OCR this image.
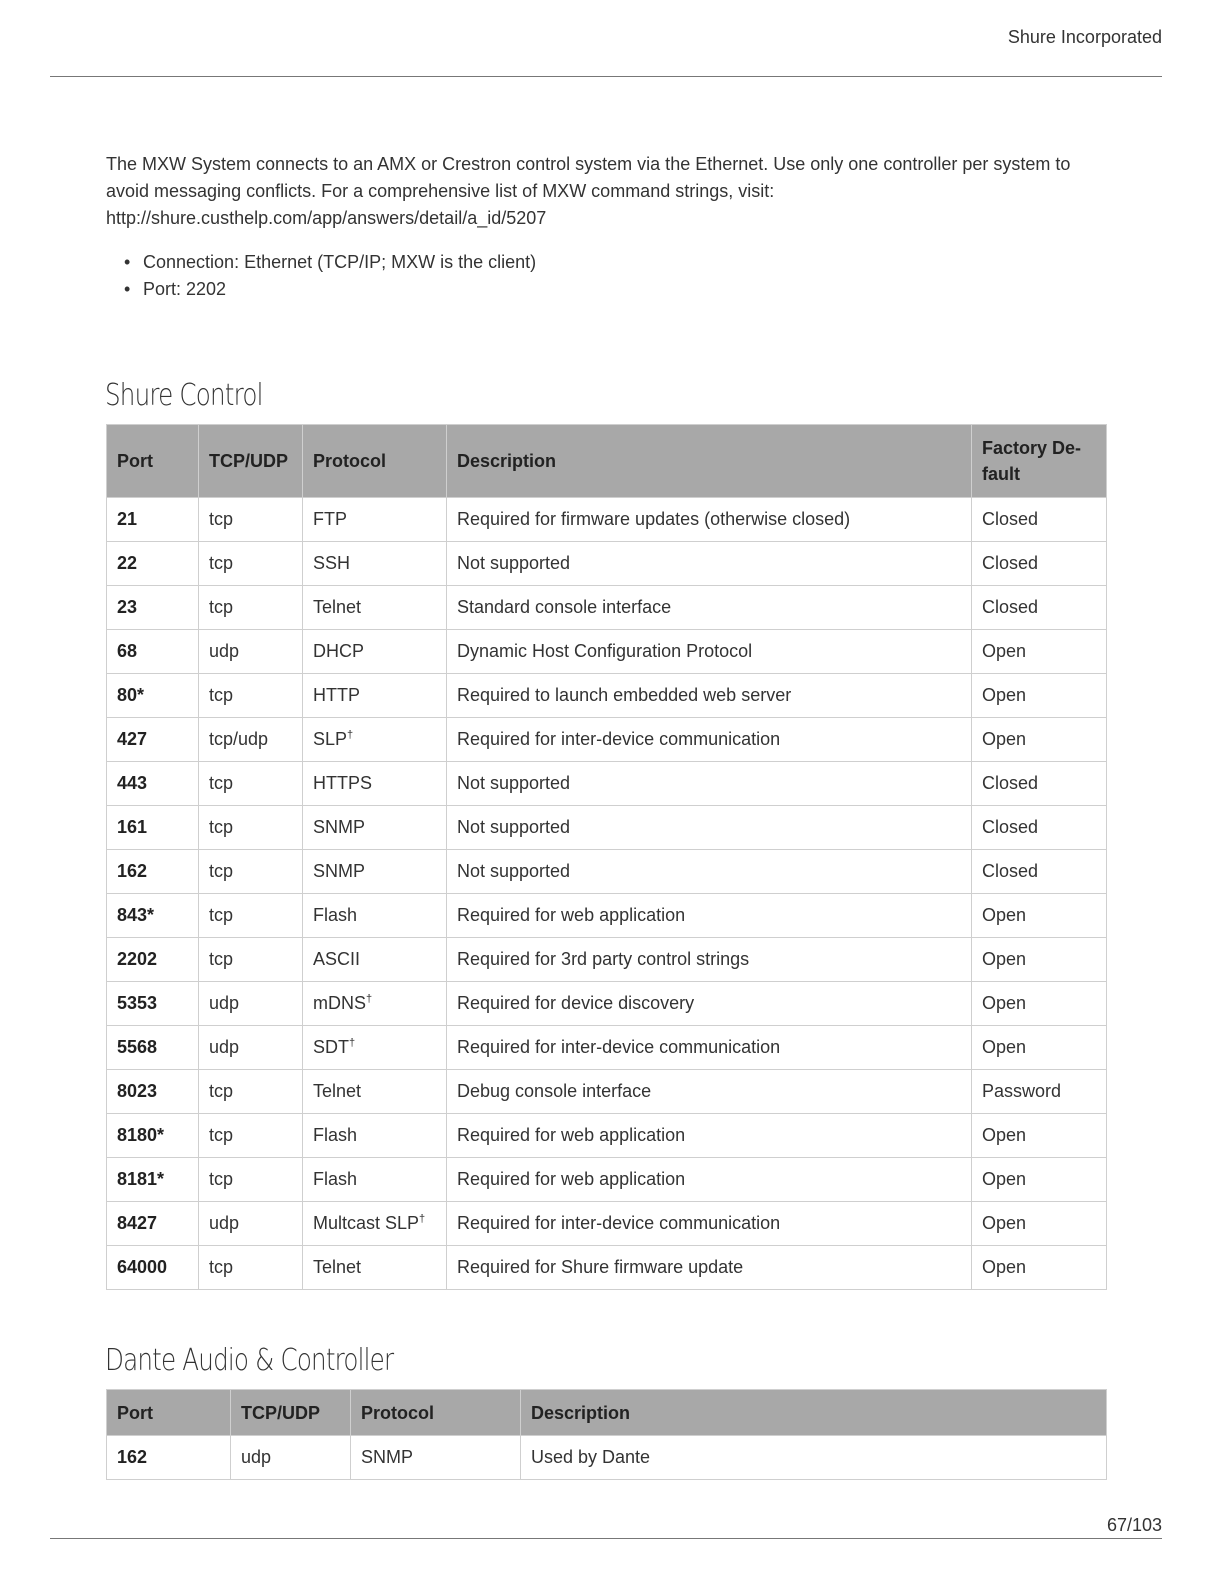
Shure Incorporated

The MXW System connects to an AMX or Crestron control system via the Ethernet. Use only one controller per system to avoid messaging conflicts. For a comprehensive list of MXW command strings, visit: http://shure.custhelp.com/app/answers/detail/a_id/5207

• Connection: Ethernet (TCP/IP; MXW is the client)
• Port: 2202
Shure Control
Port	TCP/UDP	Protocol	Description	Factory De- fault
21	tcp	FTP	Required for firmware updates (otherwise closed)	Closed
22	tcp	SSH	Not supported	Closed
23	tcp	Telnet	Standard console interface	Closed
68	udp	DHCP	Dynamic Host Configuration Protocol	Open
80*	tcp	HTTP	Required to launch embedded web server	Open
427	tcp/udp	SLP†	Required for inter-device communication	Open
443	tcp	HTTPS	Not supported	Closed
161	tcp	SNMP	Not supported	Closed
162	tcp	SNMP	Not supported	Closed
843*	tcp	Flash	Required for web application	Open
2202	tcp	ASCII	Required for 3rd party control strings	Open
5353	udp	mDNS†	Required for device discovery	Open
5568	udp	SDT†	Required for inter-device communication	Open
8023	tcp	Telnet	Debug console interface	Password
8180*	tcp	Flash	Required for web application	Open
8181*	tcp	Flash	Required for web application	Open
8427	udp	Multcast SLP†	Required for inter-device communication	Open
64000	tcp	Telnet	Required for Shure firmware update	Open
Dante Audio & Controller
Port	TCP/UDP	Protocol	Description
162	udp	SNMP	Used by Dante
67/103
